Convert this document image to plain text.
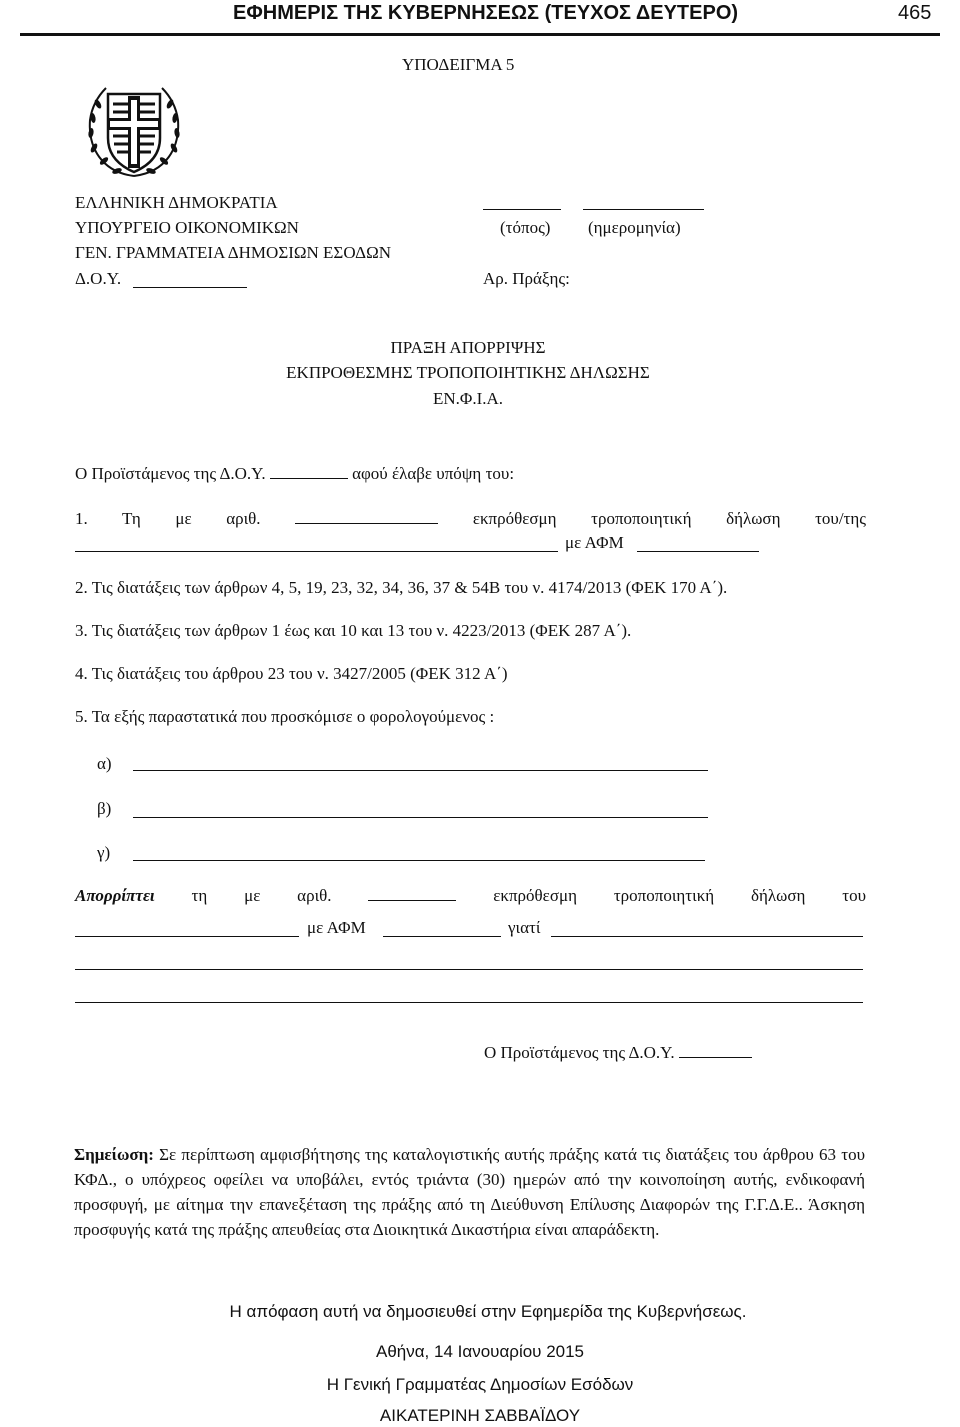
ΕΦΗΜΕΡΙΣ ΤΗΣ ΚΥΒΕΡΝΗΣΕΩΣ (ΤΕΥΧΟΣ ΔΕΥΤΕΡΟ)	465
ΥΠΟΔΕΙΓΜΑ 5
ΕΛΛΗΝΙΚΗ ΔΗΜΟΚΡΑΤΙΑ
ΥΠΟΥΡΓΕΙΟ ΟΙΚΟΝΟΜΙΚΩΝ
ΓΕΝ. ΓΡΑΜΜΑΤΕΙΑ ΔΗΜΟΣΙΩΝ ΕΣΟΔΩΝ
Δ.Ο.Υ.
(τόπος) (ημερομηνία)
Αρ. Πράξης:
ΠΡΑΞΗ ΑΠΟΡΡΙΨΗΣ
ΕΚΠΡΟΘΕΣΜΗΣ ΤΡΟΠΟΠΟΙΗΤΙΚΗΣ ΔΗΛΩΣΗΣ
ΕΝ.Φ.Ι.Α.
Ο Προϊστάμενος της Δ.Ο.Υ.	αφού έλαβε υπόψη του:
1. Τη με αριθ.	εκπρόθεσμη τροποποιητική δήλωση του/της
με ΑΦΜ
2. Τις διατάξεις των άρθρων 4, 5, 19, 23, 32, 34, 36, 37 & 54Β του ν. 4174/2013 (ΦΕΚ 170 Α΄).
3. Τις διατάξεις των άρθρων 1 έως και 10 και 13 του ν. 4223/2013 (ΦΕΚ 287 Α΄).
4. Τις διατάξεις του άρθρου 23 του ν. 3427/2005 (ΦΕΚ 312 Α΄)
5. Τα εξής παραστατικά που προσκόμισε ο φορολογούμενος :
α)
β)
γ)
Απορρίπτει τη με αριθ.	εκπρόθεσμη τροποποιητική δήλωση του
με ΑΦΜ	γιατί
Ο Προϊστάμενος της Δ.Ο.Υ.
Σημείωση: Σε περίπτωση αμφισβήτησης της καταλογιστικής αυτής πράξης κατά τις διατάξεις του άρθρου 63 του ΚΦΔ., ο υπόχρεος οφείλει να υποβάλει, εντός τριάντα (30) ημερών από την κοινοποίηση αυτής, ενδικοφανή προσφυγή, με αίτημα την επανεξέταση της πράξης από τη Διεύθυνση Επίλυσης Διαφορών της Γ.Γ.Δ.Ε.. Άσκηση προσφυγής κατά της πράξης απευθείας στα Διοικητικά Δικαστήρια είναι απαράδεκτη.
Η απόφαση αυτή να δημοσιευθεί στην Εφημερίδα της Κυβερνήσεως.
Αθήνα, 14 Ιανουαρίου 2015
Η Γενική Γραμματέας Δημοσίων Εσόδων
ΑΙΚΑΤΕΡΙΝΗ ΣΑΒΒΑΪΔΟΥ
